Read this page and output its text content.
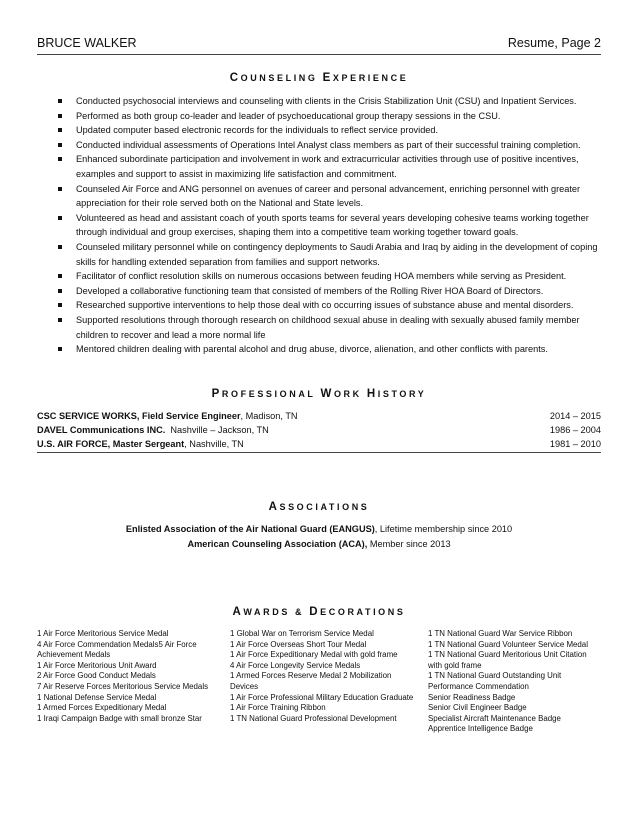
BRUCE WALKER	Resume, Page 2
COUNSELING EXPERIENCE
Conducted psychosocial interviews and counseling with clients in the Crisis Stabilization Unit (CSU) and Inpatient Services.
Performed as both group co-leader and leader of psychoeducational group therapy sessions in the CSU.
Updated computer based electronic records for the individuals to reflect service provided.
Conducted individual assessments of Operations Intel Analyst class members as part of their successful training completion.
Enhanced subordinate participation and involvement in work and extracurricular activities through use of positive incentives, examples and support to assist in maximizing life satisfaction and commitment.
Counseled Air Force and ANG personnel on avenues of career and personal advancement, enriching personnel with greater appreciation for their role served both on the National and State levels.
Volunteered as head and assistant coach of youth sports teams for several years developing cohesive teams working together through individual and group exercises, shaping them into a competitive team working together toward goals.
Counseled military personnel while on contingency deployments to Saudi Arabia and Iraq by aiding in the development of coping skills for handling extended separation from families and support networks.
Facilitator of conflict resolution skills on numerous occasions between feuding HOA members while serving as President.
Developed a collaborative functioning team that consisted of members of the Rolling River HOA Board of Directors.
Researched supportive interventions to help those deal with co occurring issues of substance abuse and mental disorders.
Supported resolutions through thorough research on childhood sexual abuse in dealing with sexually abused family member children to recover and lead a more normal life
Mentored children dealing with parental alcohol and drug abuse, divorce, alienation, and other conflicts with parents.
PROFESSIONAL WORK HISTORY
CSC SERVICE WORKS, Field Service Engineer, Madison, TN	2014 – 2015
DAVEL Communications INC.  Nashville – Jackson, TN	1986 – 2004
U.S. AIR FORCE, Master Sergeant, Nashville, TN	1981 – 2010
ASSOCIATIONS
Enlisted Association of the Air National Guard (EANGUS), Lifetime membership since 2010
American Counseling Association (ACA), Member since 2013
AWARDS & DECORATIONS
1 Air Force Meritorious Service Medal
4 Air Force Commendation Medals5 Air Force
Achievement Medals
1 Air Force Meritorious Unit Award
2 Air Force Good Conduct Medals
7 Air Reserve Forces Meritorious Service Medals
1 National Defense Service Medal
1 Armed Forces Expeditionary Medal
1 Iraqi Campaign Badge with small bronze Star
1 Global War on Terrorism Service Medal
1 Air Force Overseas Short Tour Medal
1 Air Force Expeditionary Medal with gold frame
4 Air Force Longevity Service Medals
1 Armed Forces Reserve Medal 2 Mobilization
Devices
1 Air Force Professional Military Education Graduate
1 Air Force Training Ribbon
1 TN National Guard Professional Development
1 TN National Guard War Service Ribbon
1 TN National Guard Volunteer Service Medal
1 TN National Guard Meritorious Unit Citation
with gold frame
1 TN National Guard Outstanding Unit
Performance Commendation
Senior Readiness Badge
Senior Civil Engineer Badge
Specialist Aircraft Maintenance Badge
Apprentice Intelligence Badge
